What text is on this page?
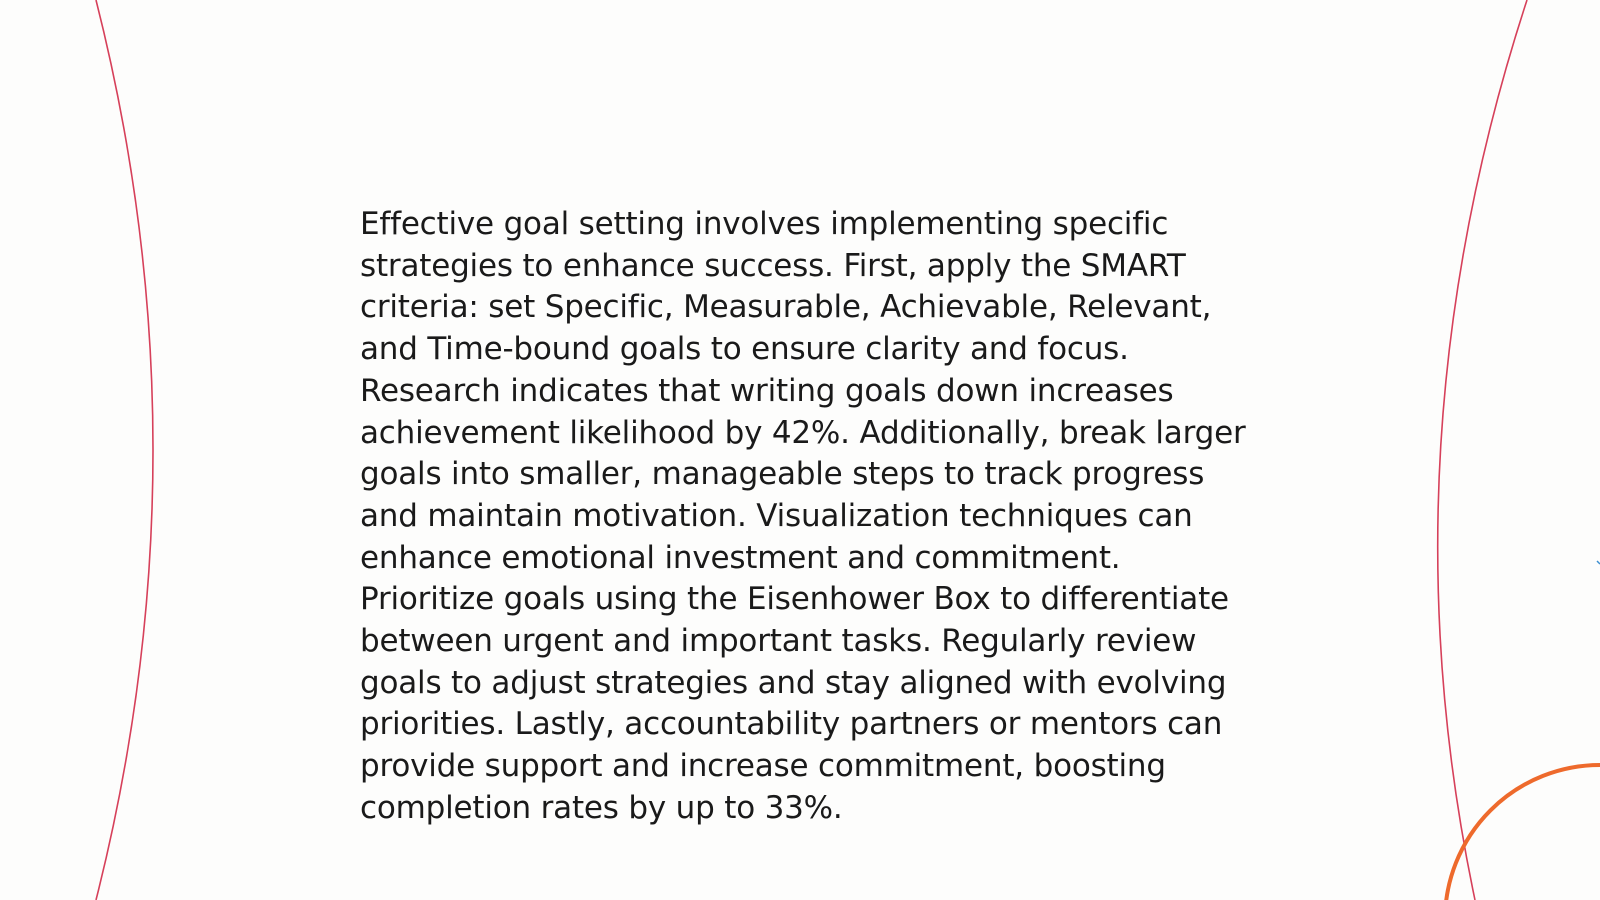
Effective goal setting involves implementing specific strategies to enhance success. First, apply the SMART criteria: set Specific, Measurable, Achievable, Relevant, and Time-bound goals to ensure clarity and focus. Research indicates that writing goals down increases achievement likelihood by 42%. Additionally, break larger goals into smaller, manageable steps to track progress and maintain motivation. Visualization techniques can enhance emotional investment and commitment. Prioritize goals using the Eisenhower Box to differentiate between urgent and important tasks. Regularly review goals to adjust strategies and stay aligned with evolving priorities. Lastly, accountability partners or mentors can provide support and increase commitment, boosting completion rates by up to 33%.
